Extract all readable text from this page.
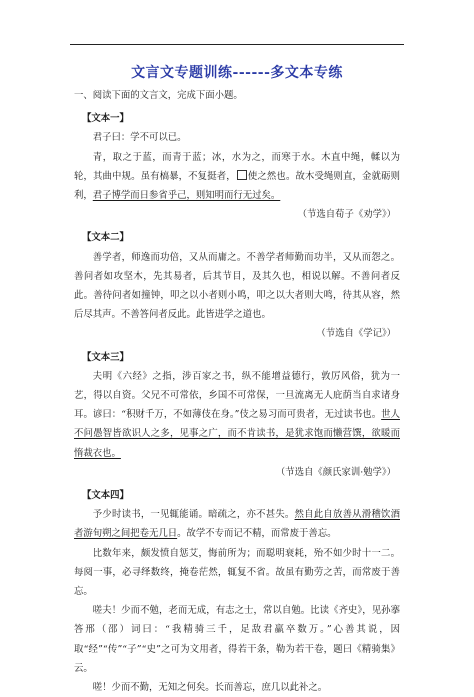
文言文专题训练------多文本专练
一、阅读下面的文言文，完成下面小题。
【文本一】

君子曰：学不可以已。

青，取之于蓝，而青于蓝；冰，水为之，而寒于水。木直中绳，輮以为轮，其曲中规。虽有槁暴，不复挺者， 使之然也。故木受绳则直，金就砺则利，君子博学而日参省乎己，则知明而行无过矣。

（节选自荀子《劝学》）
【文本二】

善学者，师逸而功倍，又从而庸之。不善学者师勤而功半，又从而怨之。善问者如攻坚木，先其易者，后其节目，及其久也，相说以解。不善问者反此。善待问者如撞钟，叩之以小者则小鸣，叩之以大者则大鸣，待其从容，然后尽其声。不善答问者反此。此皆进学之道也。

（节选自《学记》）
【文本三】

夫明《六经》之指，涉百家之书，纵不能增益德行，敦厉风俗，犹为一艺，得以自资。父兄不可常依，乡国不可常保，一旦流离无人庇荫当自求诸身耳。谚曰：“积财千万，不如薄伎在身。”伎之易习而可贵者，无过读书也。世人不问愚智皆欲识人之多，见事之广，而不肯读书，是犹求饱而懒营馔，欲暖而惰裁衣也。

（节选自《颜氏家训·勉学》）
【文本四】

予少时读书，一见辄能诵。暗疏之，亦不甚失。然自此自放善从滑稽饮酒者游旬朔之间把卷无几日。故学不专而记不精，而常废于善忘。

比数年来，颇发愤自惩艾，悔前所为；而聪明衰耗，殆不如少时十一二。每阅一事，必寻绎数终，掩卷茫然，辄复不省。故虽有勤劳之苦，而常废于善忘。

嗟夫！少而不勉，老而无成，有志之士，常以自勉。比读《齐史》，见孙搴答邢（邵）词曰：“我精骑三千，足敌君羸卒数万。”心善其说，因取“经”“传”“子”“史”之可为文用者，得若干条，勒为若干卷，题曰《精骑集》云。

嗟！少而不勤，无知之何矣。长而善忘，庶几以此补之。
